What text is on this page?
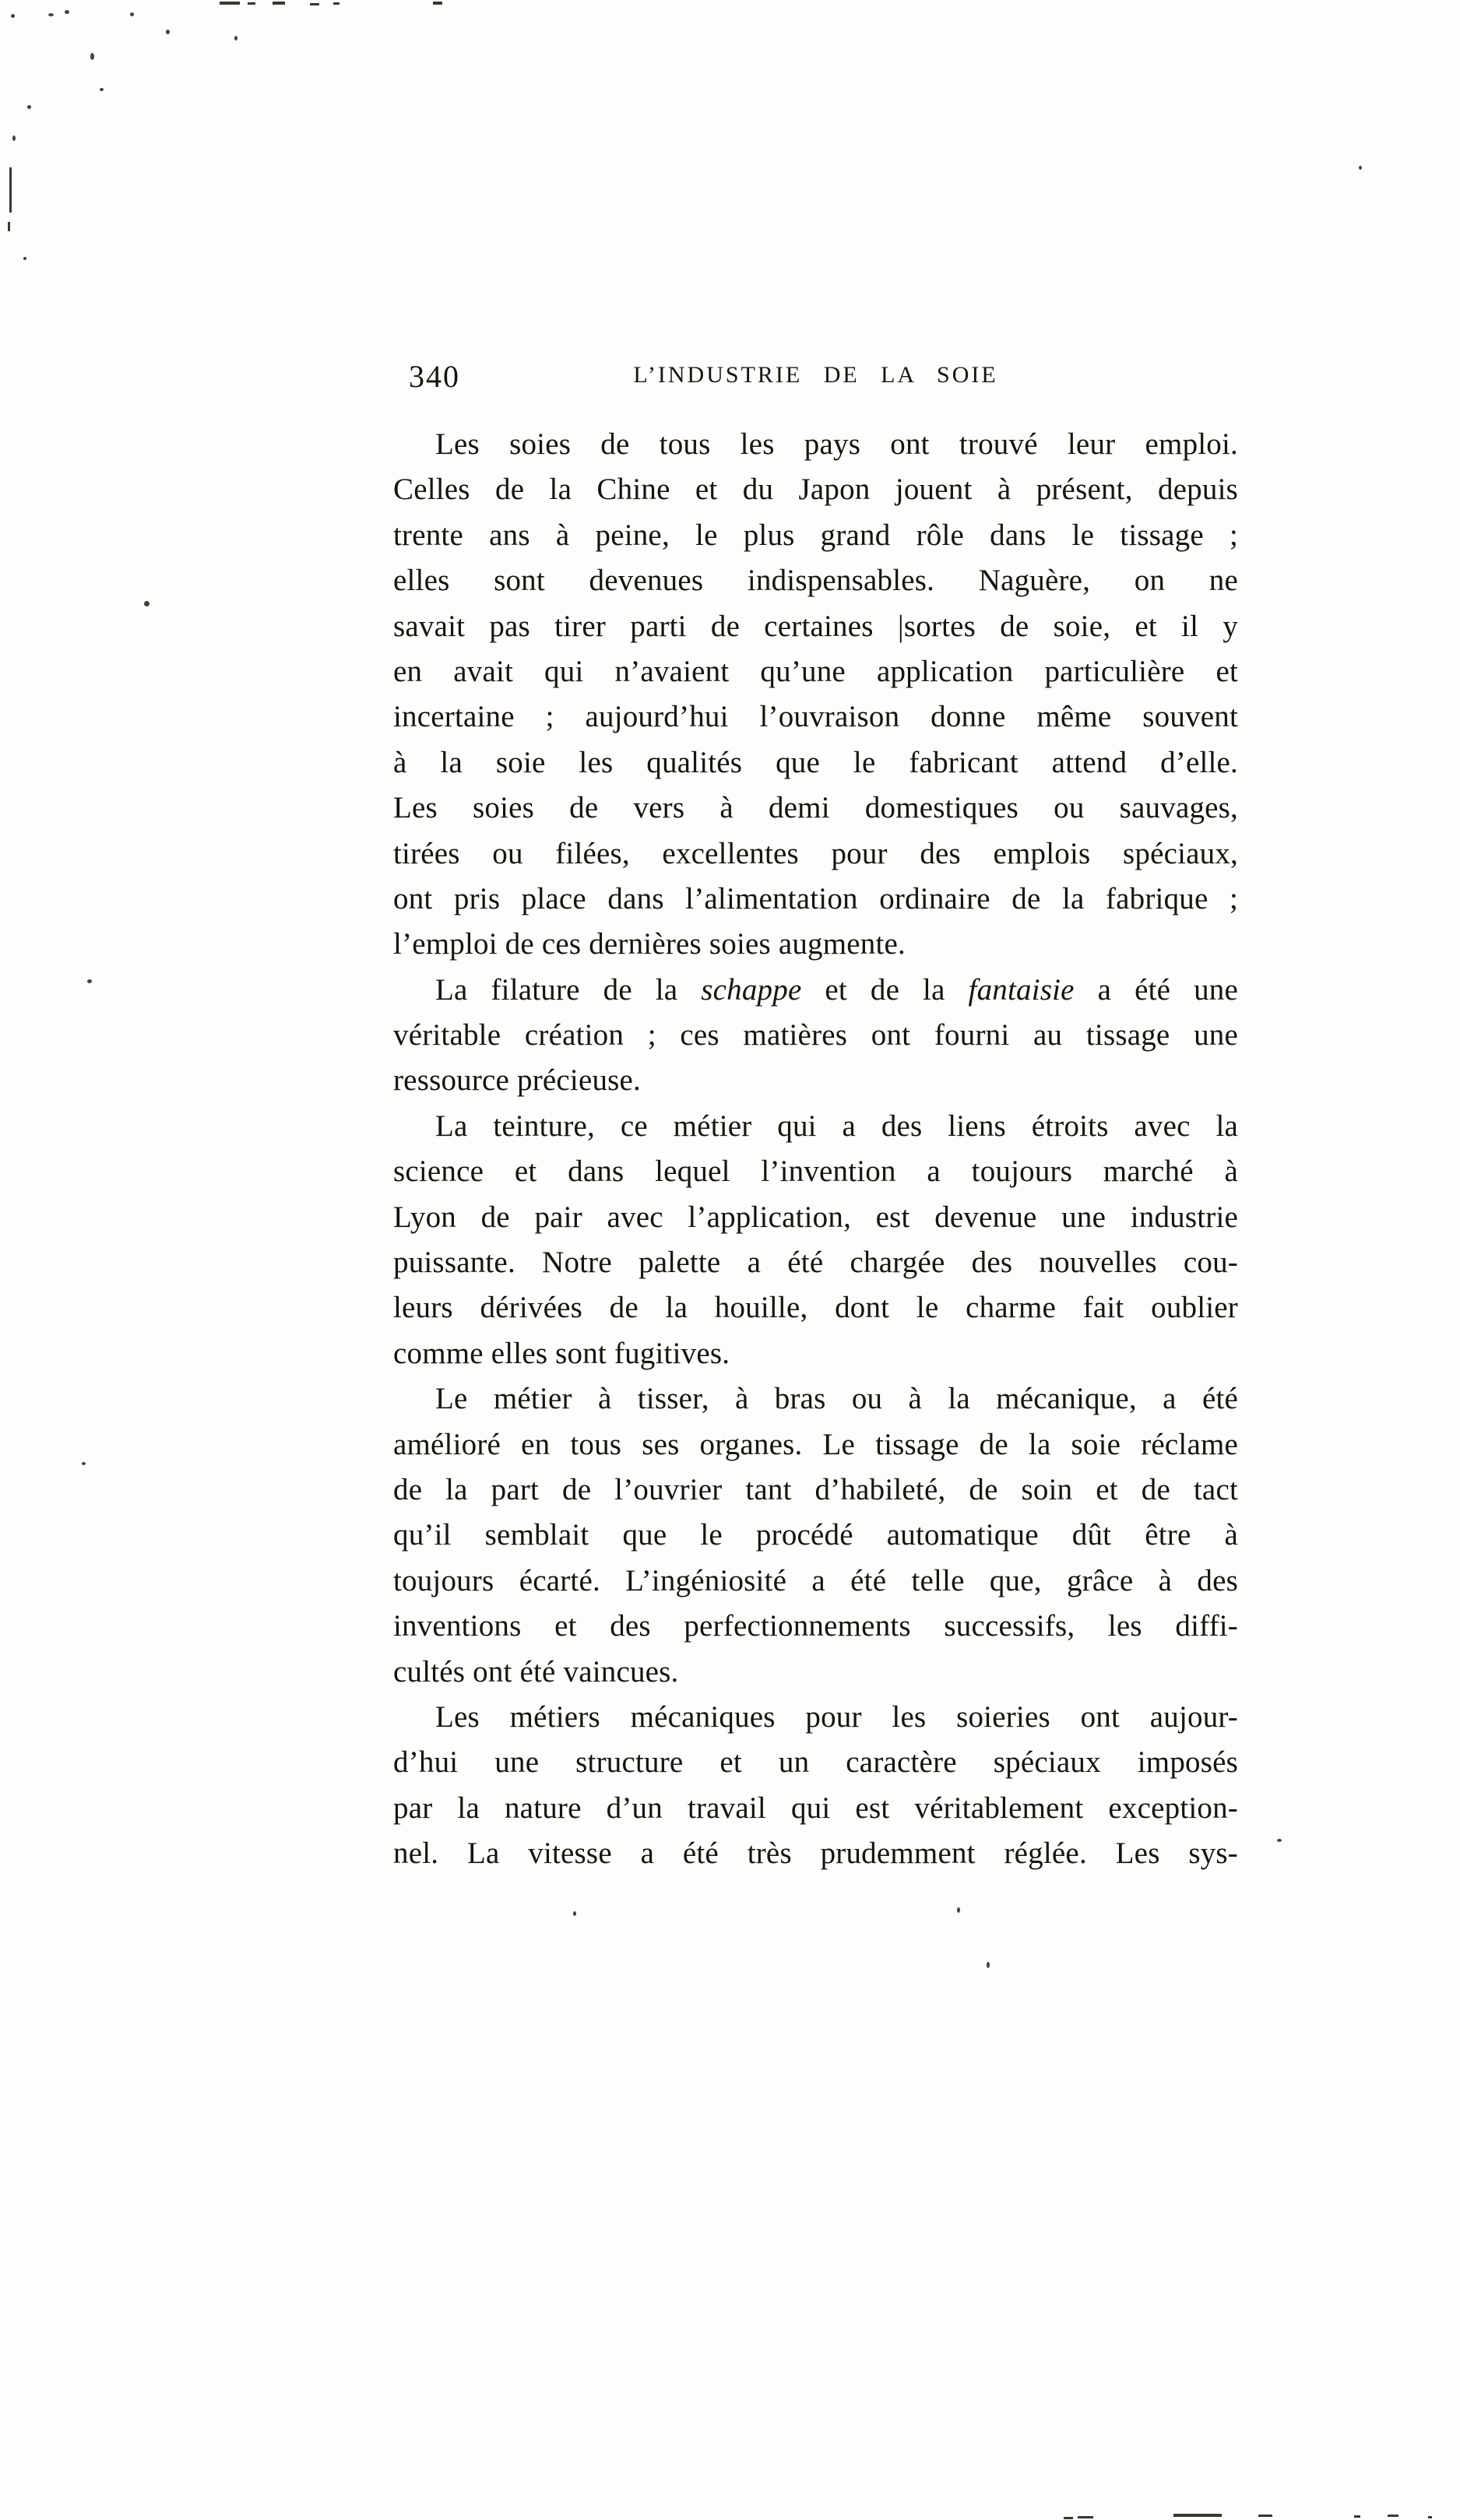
340	L’INDUSTRIE DE LA SOIE
Les soies de tous les pays ont trouvé leur emploi.
Celles de la Chine et du Japon jouent à présent, depuis
trente ans à peine, le plus grand rôle dans le tissage ;
elles sont devenues indispensables. Naguère, on ne
savait pas tirer parti de certaines |sortes de soie, et il y
en avait qui n’avaient qu’une application particulière et
incertaine ; aujourd’hui l’ouvraison donne même souvent
à la soie les qualités que le fabricant attend d’elle.
Les soies de vers à demi domestiques ou sauvages,
tirées ou filées, excellentes pour des emplois spéciaux,
ont pris place dans l’alimentation ordinaire de la fabrique ;
l’emploi de ces dernières soies augmente.
La filature de la schappe et de la fantaisie a été une
véritable création ; ces matières ont fourni au tissage une
ressource précieuse.
La teinture, ce métier qui a des liens étroits avec la
science et dans lequel l’invention a toujours marché à
Lyon de pair avec l’application, est devenue une industrie
puissante. Notre palette a été chargée des nouvelles cou-
leurs dérivées de la houille, dont le charme fait oublier
comme elles sont fugitives.
Le métier à tisser, à bras ou à la mécanique, a été
amélioré en tous ses organes. Le tissage de la soie réclame
de la part de l’ouvrier tant d’habileté, de soin et de tact
qu’il semblait que le procédé automatique dût être à
toujours écarté. L’ingéniosité a été telle que, grâce à des
inventions et des perfectionnements successifs, les diffi-
cultés ont été vaincues.
Les métiers mécaniques pour les soieries ont aujour-
d’hui une structure et un caractère spéciaux imposés
par la nature d’un travail qui est véritablement exception-
nel. La vitesse a été très prudemment réglée. Les sys-
